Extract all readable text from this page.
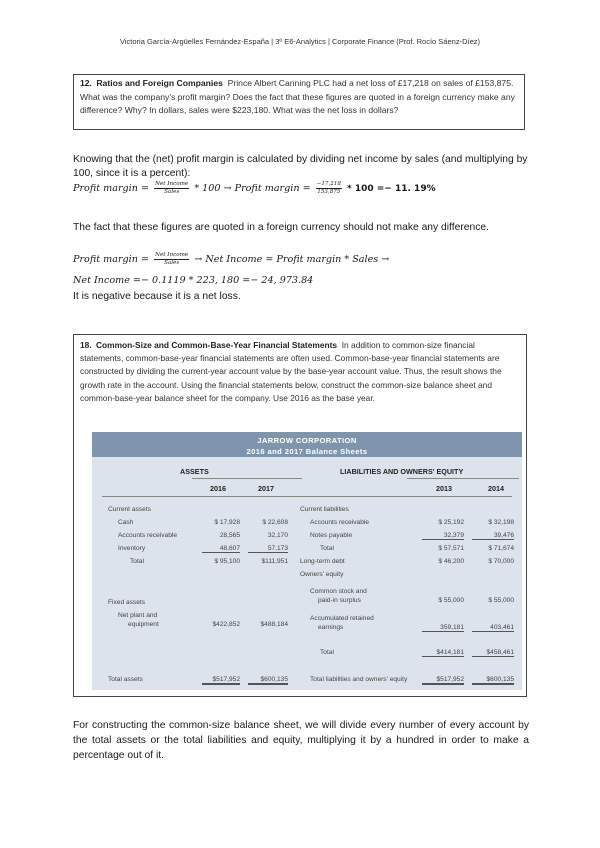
Victoria García-Argüelles Fernández-España | 3º E6-Analytics | Corporate Finance (Prof. Rocío Sáenz-Díez)
12. Ratios and Foreign Companies Prince Albert Canning PLC had a net loss of £17,218 on sales of £153,875. What was the company's profit margin? Does the fact that these figures are quoted in a foreign currency make any difference? Why? In dollars, sales were $223,180. What was the net loss in dollars?

Knowing that the (net) profit margin is calculated by dividing net income by sales (and multiplying by 100, since it is a percent):

Profit margin = $\frac{\text{Net Income}}{\text{Sales}} * 100$ → Profit margin = $\frac{-17,218}{153,875} * 100 =- 11$. 19%

The fact that these figures are quoted in a foreign currency should not make any difference.

Profit margin = $\frac{\text{Net Income}}{\text{Sales}}$ → Net Income = Profit margin * Sales →
Net Income =− 0.1119 * 223, 180 =− 24, 973.84

It is negative because it is a net loss.

18. Common-Size and Common-Base-Year Financial Statements In addition to common-size financial statements, common-base-year financial statements are often used. Common-base-year financial statements are constructed by dividing the current-year account value by the base-year account value. Thus, the result shows the growth rate in the account. Using the financial statements below, construct the common-size balance sheet and common-base-year balance sheet for the company. Use 2016 as the base year.
JARROW CORPORATION
2016 and 2017 Balance Sheets
ASSETS	LIABILITIES AND OWNERS' EQUITY
2016	2017	2013	2014
Current assets
Cash	$ 17,928	$ 22,608
Accounts receivable	28,565	32,170
Inventory	48,607	57,173
Total	$ 95,100	$111,951
Fixed assets
Net plant and
equipment	$422,852	$488,184
Total assets	$517,952	$600,135
Current liabilities
Accounts receivable	$ 25,192	$ 32,198
Notes payable	32,379	39,476
Total	$ 57,571	$ 71,674
Long-term debt	$ 46,200	$ 70,000
Owners' equity
Common stock and
paid-in surplus	$ 55,000	$ 55,000
Accumulated retained
earnings	359,181	403,461
Total	$414,181	$458,461
Total liabilities and owners' equity	$517,952	$600,135

For constructing the common-size balance sheet, we will divide every number of every account by the total assets or the total liabilities and equity, multiplying it by a hundred in order to make a percentage out of it.
